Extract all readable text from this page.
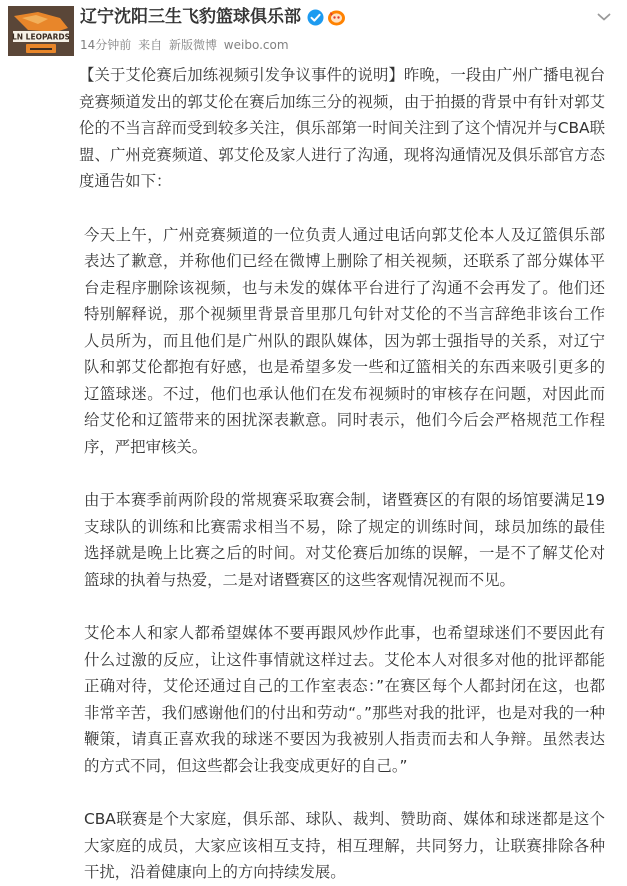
LN LEOPARDS
辽宁沈阳三生飞豹篮球俱乐部
14分钟前 来自 新版微博 weibo.com

【关于艾伦赛后加练视频引发争议事件的说明】昨晚，一段由广州广播电视台竞赛频道发出的郭艾伦在赛后加练三分的视频，由于拍摄的背景中有针对郭艾伦的不当言辞而受到较多关注，俱乐部第一时间关注到了这个情况并与CBA联盟、广州竞赛频道、郭艾伦及家人进行了沟通，现将沟通情况及俱乐部官方态度通告如下：

今天上午，广州竞赛频道的一位负责人通过电话向郭艾伦本人及辽篮俱乐部表达了歉意，并称他们已经在微博上删除了相关视频，还联系了部分媒体平台走程序删除该视频，也与未发的媒体平台进行了沟通不会再发了。他们还特别解释说，那个视频里背景音里那几句针对艾伦的不当言辞绝非该台工作人员所为，而且他们是广州队的跟队媒体，因为郭士强指导的关系，对辽宁队和郭艾伦都抱有好感，也是希望多发一些和辽篮相关的东西来吸引更多的辽篮球迷。不过，他们也承认他们在发布视频时的审核存在问题，对因此而给艾伦和辽篮带来的困扰深表歉意。同时表示，他们今后会严格规范工作程序，严把审核关。

由于本赛季前两阶段的常规赛采取赛会制，诸暨赛区的有限的场馆要满足19支球队的训练和比赛需求相当不易，除了规定的训练时间，球员加练的最佳选择就是晚上比赛之后的时间。对艾伦赛后加练的误解，一是不了解艾伦对篮球的执着与热爱，二是对诸暨赛区的这些客观情况视而不见。

艾伦本人和家人都希望媒体不要再跟风炒作此事，也希望球迷们不要因此有什么过激的反应，让这件事情就这样过去。艾伦本人对很多对他的批评都能正确对待，艾伦还通过自己的工作室表态：”在赛区每个人都封闭在这，也都非常辛苦，我们感谢他们的付出和劳动“。”那些对我的批评，也是对我的一种鞭策，请真正喜欢我的球迷不要因为我被别人指责而去和人争辩。虽然表达的方式不同，但这些都会让我变成更好的自己。”

CBA联赛是个大家庭，俱乐部、球队、裁判、赞助商、媒体和球迷都是这个大家庭的成员，大家应该相互支持，相互理解，共同努力，让联赛排除各种干扰，沿着健康向上的方向持续发展。
